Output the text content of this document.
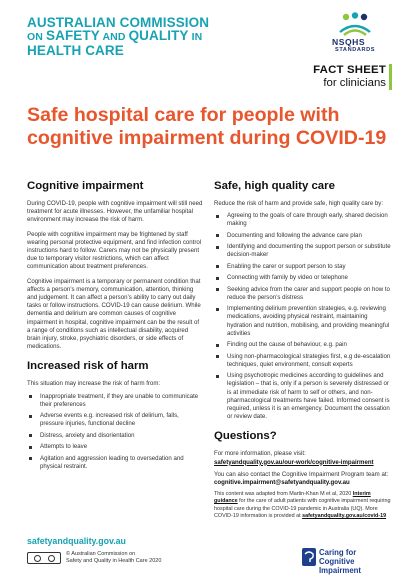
AUSTRALIAN COMMISSION
ON SAFETY AND QUALITY IN HEALTH CARE
NSQHS
STANDARDS
FACT SHEET
for clinicians
Safe hospital care for people with cognitive impairment during COVID-19
Cognitive impairment

During COVID-19, people with cognitive impairment will still need treatment for acute illnesses. However, the unfamiliar hospital environment may increase the risk of harm.

People with cognitive impairment may be frightened by staff wearing personal protective equipment, and find infection control instructions hard to follow. Carers may not be physically present due to temporary visitor restrictions, which can affect communication about treatment preferences.

Cognitive impairment is a temporary or permanent condition that affects a person’s memory, communication, attention, thinking and judgement. It can affect a person’s ability to carry out daily tasks or follow instructions. COVID-19 can cause delirium. While dementia and delirium are common causes of cognitive impairment in hospital, cognitive impairment can be the result of a range of conditions such as intellectual disability, acquired brain injury, stroke, psychiatric disorders, or side effects of medications.

Increased risk of harm

This situation may increase the risk of harm from:

Inappropriate treatment, if they are unable to communicate their preferences
Adverse events e.g. increased risk of delirium, falls, pressure injuries, functional decline
Distress, anxiety and disorientation
Attempts to leave
Agitation and aggression leading to oversedation and physical restraint.
Safe, high quality care

Reduce the risk of harm and provide safe, high quality care by:

Agreeing to the goals of care through early, shared decision making
Documenting and following the advance care plan
Identifying and documenting the support person or substitute decision-maker
Enabling the carer or support person to stay
Connecting with family by video or telephone
Seeking advice from the carer and support people on how to reduce the person’s distress
Implementing delirium prevention strategies, e.g. reviewing medications, avoiding physical restraint, maintaining hydration and nutrition, mobilising, and providing meaningful activities
Finding out the cause of behaviour, e.g. pain
Using non-pharmacological strategies first, e.g de-escalation techniques, quiet environment, consult experts
Using psychotropic medicines according to guidelines and legislation – that is, only if a person is severely distressed or is at immediate risk of harm to self or others, and non-pharmacological treatments have failed. Informed consent is required, unless it is an emergency. Document the cessation or review date.
Questions?

For more information, please visit:
safetyandquality.gov.au/our-work/cognitive-impairment

You can also contact the Cognitive Impairment Program team at: cognitive.impairment@safetyandquality.gov.au

This content was adapted from Martin-Khan M et al, 2020 Interim guidance for the care of adult patients with cognitive impairment requiring hospital care during the COVID-19 pandemic in Australia (UQ). More COVID-19 information is provided at safetyandquality.gov.au/covid-19

safetyandquality.gov.au
© Australian Commission on
Safety and Quality in Health Care 2020
Caring for
Cognitive Impairment
